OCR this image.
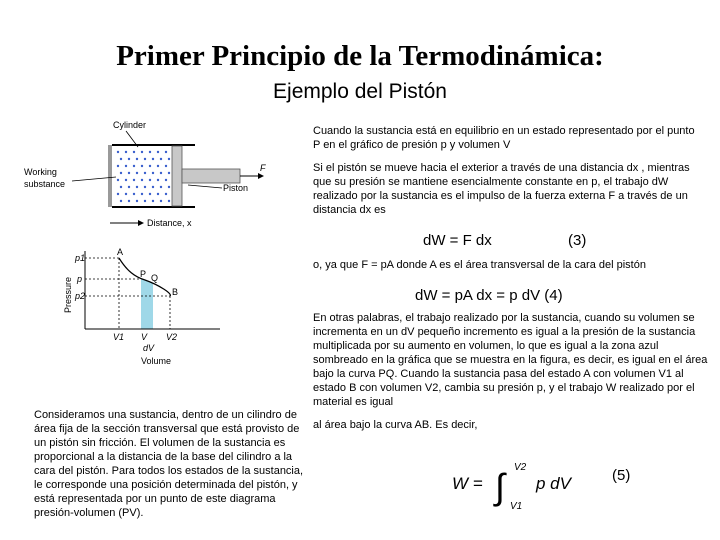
Primer Principio de la Termodinámica:
Ejemplo del Pistón
Cylinder
F
Working
substance	Piston
Distance, x
Pressure
Volume
p1
p
p2
V1 V V2
dV
A
P Q
B
Cuando la sustancia está en equilibrio en un estado representado por el punto P en el gráfico de presión p y volumen V
Si el pistón se mueve hacia el exterior a través de una distancia dx , mientras que su presión se mantiene esencialmente constante en p, el trabajo dW realizado por la sustancia es el impulso de la fuerza externa F a través de un distancia dx es
dW = F dx	(3)
o, ya que F = pA donde A es el área transversal de la cara del pistón
dW = pA dx = p dV (4)
En otras palabras, el trabajo realizado por la sustancia, cuando su volumen se incrementa en un dV pequeño incremento es igual a la presión de la sustancia multiplicada por su aumento en volumen, lo que es igual a la zona azul sombreado en la gráfica que se muestra en la figura, es decir, es igual en el área bajo la curva PQ. Cuando la sustancia pasa del estado A con volumen V1 al estado B con volumen V2, cambia su presión p, y el trabajo W realizado por el material es igual
al área bajo la curva AB. Es decir,
Consideramos una sustancia, dentro de un cilindro de área fija de la sección transversal que está provisto de un pistón sin fricción. El volumen de la sustancia es proporcional a la distancia de la base del cilindro a la cara del pistón. Para todos los estados de la sustancia, le corresponde una posición determinada del pistón, y está representada por un punto de este diagrama presión-volumen (PV).
W = ∫ V2
V1
p dV	(5)
